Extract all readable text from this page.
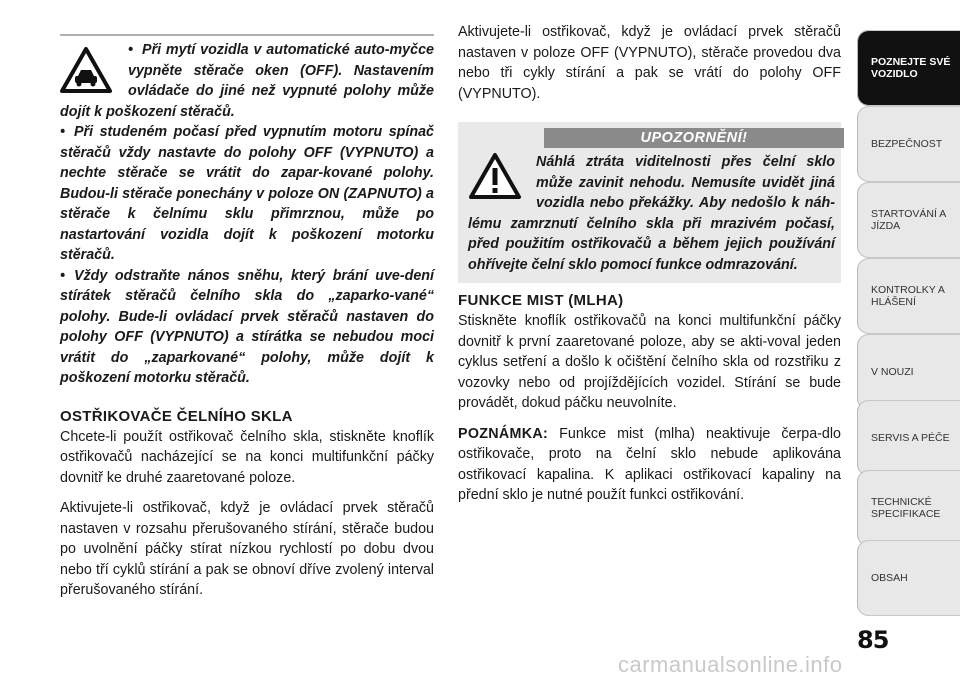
• Při mytí vozidla v automatické auto-myčce vypněte stěrače oken (OFF). Nastavením ovládače do jiné než vypnuté polohy může dojít k poškození stěračů.

• Při studeném počasí před vypnutím motoru spínač stěračů vždy nastavte do polohy OFF (VYPNUTO) a nechte stěrače se vrátit do zapar-kované polohy. Budou-li stěrače ponechány v poloze ON (ZAPNUTO) a stěrače k čelnímu sklu přimrznou, může po nastartování vozidla dojít k poškození motorku stěračů.

• Vždy odstraňte nános sněhu, který brání uve-dení stírátek stěračů čelního skla do „zaparko-vané“ polohy. Bude-li ovládací prvek stěračů nastaven do polohy OFF (VYPNUTO) a stírátka se nebudou moci vrátit do „zaparkované“ polohy, může dojít k poškození motorku stěračů.

OSTŘIKOVAČE ČELNÍHO SKLA

Chcete-li použít ostřikovač čelního skla, stiskněte knoflík ostřikovačů nacházející se na konci multifunkční páčky dovnitř ke druhé zaaretované poloze.

Aktivujete-li ostřikovač, když je ovládací prvek stěračů nastaven v rozsahu přerušovaného stírání, stěrače budou po uvolnění páčky stírat nízkou rychlostí po dobu dvou nebo tří cyklů stírání a pak se obnoví dříve zvolený interval přerušovaného stírání.

Aktivujete-li ostřikovač, když je ovládací prvek stěračů nastaven v poloze OFF (VYPNUTO), stěrače provedou dva nebo tři cykly stírání a pak se vrátí do polohy OFF (VYPNUTO).

UPOZORNĚNÍ!

Náhlá ztráta viditelnosti přes čelní sklo může zavinit nehodu. Nemusíte uvidět jiná vozidla nebo překážky. Aby nedošlo k náh-lému zamrznutí čelního skla při mrazivém počasí, před použitím ostřikovačů a během jejich používání ohřívejte čelní sklo pomocí funkce odmrazování.

FUNKCE MIST (MLHA)

Stiskněte knoflík ostřikovačů na konci multifunkční páčky dovnitř k první zaaretované poloze, aby se akti-voval jeden cyklus setření a došlo k očištění čelního skla od rozstřiku z vozovky nebo od projíždějících vozidel. Stírání se bude provádět, dokud páčku neuvolníte.

POZNÁMKA: Funkce mist (mlha) neaktivuje čerpa-dlo ostřikovače, proto na čelní sklo nebude aplikována ostřikovací kapalina. K aplikaci ostřikovací kapaliny na přední sklo je nutné použít funkci ostřikování.

POZNEJTE SVÉ VOZIDLO
BEZPEČNOST
STARTOVÁNÍ A JÍZDA
KONTROLKY A HLÁŠENÍ
V NOUZI
SERVIS A PÉČE
TECHNICKÉ SPECIFIKACE
OBSAH
85
carmanualsonline.info
